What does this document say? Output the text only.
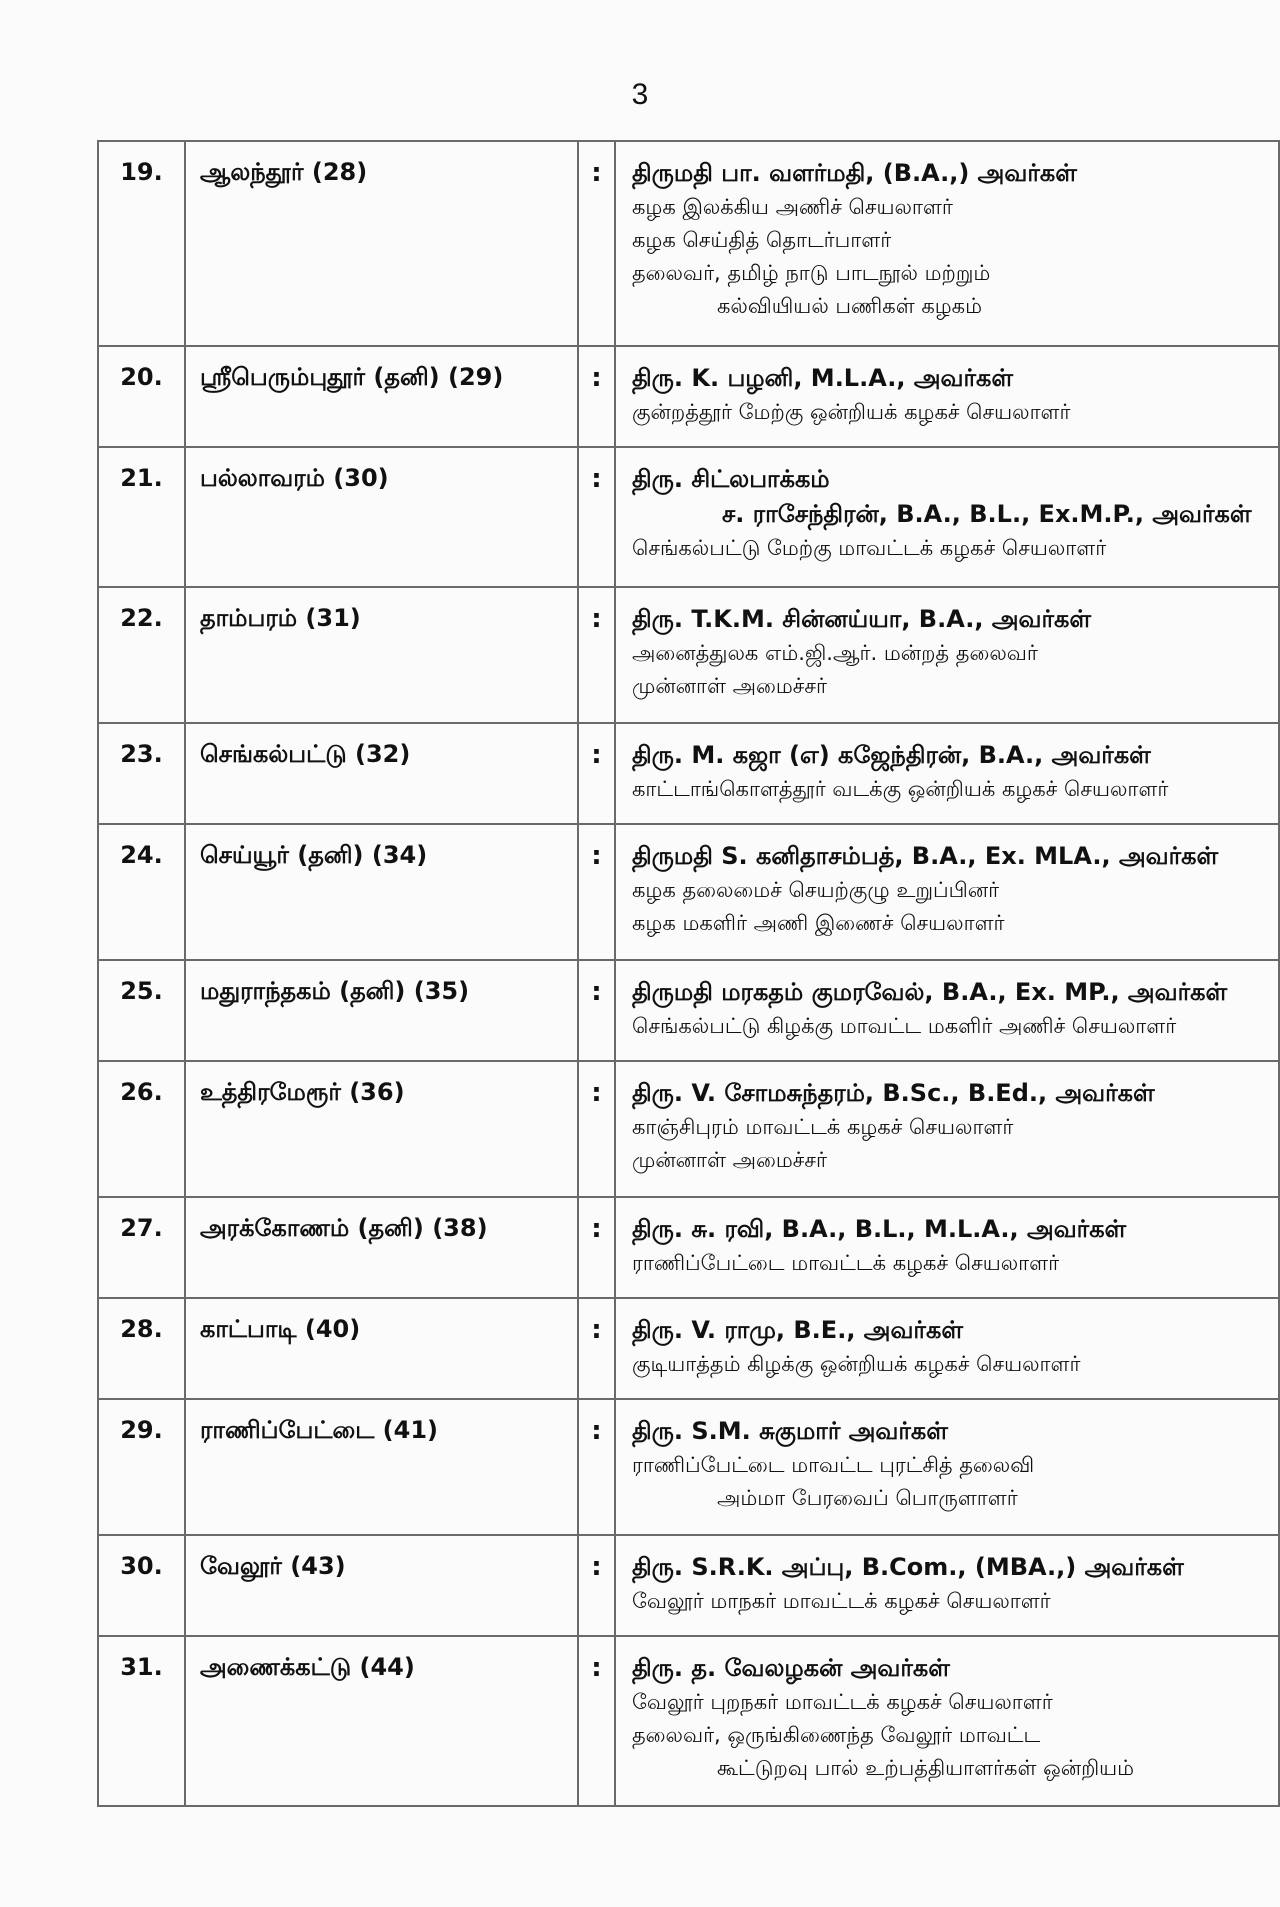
3
19.	ஆலந்தூர் (28)	:	திருமதி பா. வளர்மதி, (B.A.,) அவர்கள்
கழக இலக்கிய அணிச் செயலாளர்
கழக செய்தித் தொடர்பாளர்
தலைவர், தமிழ் நாடு பாடநூல் மற்றும்
கல்வியியல் பணிகள் கழகம்

20.	ஸ்ரீபெரும்புதூர் (தனி) (29)	:	திரு. K. பழனி, M.L.A., அவர்கள்
குன்றத்தூர் மேற்கு ஒன்றியக் கழகச் செயலாளர்

21.	பல்லாவரம் (30)	:	திரு. சிட்லபாக்கம்
ச. ராசேந்திரன், B.A., B.L., Ex.M.P., அவர்கள்
செங்கல்பட்டு மேற்கு மாவட்டக் கழகச் செயலாளர்

22.	தாம்பரம் (31)	:	திரு. T.K.M. சின்னய்யா, B.A., அவர்கள்
அனைத்துலக எம்.ஜி.ஆர். மன்றத் தலைவர்
முன்னாள் அமைச்சர்

23.	செங்கல்பட்டு (32)	:	திரு. M. கஜா (எ) கஜேந்திரன், B.A., அவர்கள்
காட்டாங்கொளத்தூர் வடக்கு ஒன்றியக் கழகச் செயலாளர்

24.	செய்யூர் (தனி) (34)	:	திருமதி S. கனிதாசம்பத், B.A., Ex. MLA., அவர்கள்
கழக தலைமைச் செயற்குழு உறுப்பினர்
கழக மகளிர் அணி இணைச் செயலாளர்

25.	மதுராந்தகம் (தனி) (35)	:	திருமதி மரகதம் குமரவேல், B.A., Ex. MP., அவர்கள்
செங்கல்பட்டு கிழக்கு மாவட்ட மகளிர் அணிச் செயலாளர்

26.	உத்திரமேரூர் (36)	:	திரு. V. சோமசுந்தரம், B.Sc., B.Ed., அவர்கள்
காஞ்சிபுரம் மாவட்டக் கழகச் செயலாளர்
முன்னாள் அமைச்சர்

27.	அரக்கோணம் (தனி) (38)	:	திரு. சு. ரவி, B.A., B.L., M.L.A., அவர்கள்
ராணிப்பேட்டை மாவட்டக் கழகச் செயலாளர்

28.	காட்பாடி (40)	:	திரு. V. ராமு, B.E., அவர்கள்
குடியாத்தம் கிழக்கு ஒன்றியக் கழகச் செயலாளர்

29.	ராணிப்பேட்டை (41)	:	திரு. S.M. சுகுமார் அவர்கள்
ராணிப்பேட்டை மாவட்ட புரட்சித் தலைவி
அம்மா பேரவைப் பொருளாளர்

30.	வேலூர் (43)	:	திரு. S.R.K. அப்பு, B.Com., (MBA.,) அவர்கள்
வேலூர் மாநகர் மாவட்டக் கழகச் செயலாளர்

31.	அணைக்கட்டு (44)	:	திரு. த. வேலழகன் அவர்கள்
வேலூர் புறநகர் மாவட்டக் கழகச் செயலாளர்
தலைவர், ஒருங்கிணைந்த வேலூர் மாவட்ட
கூட்டுறவு பால் உற்பத்தியாளர்கள் ஒன்றியம்
